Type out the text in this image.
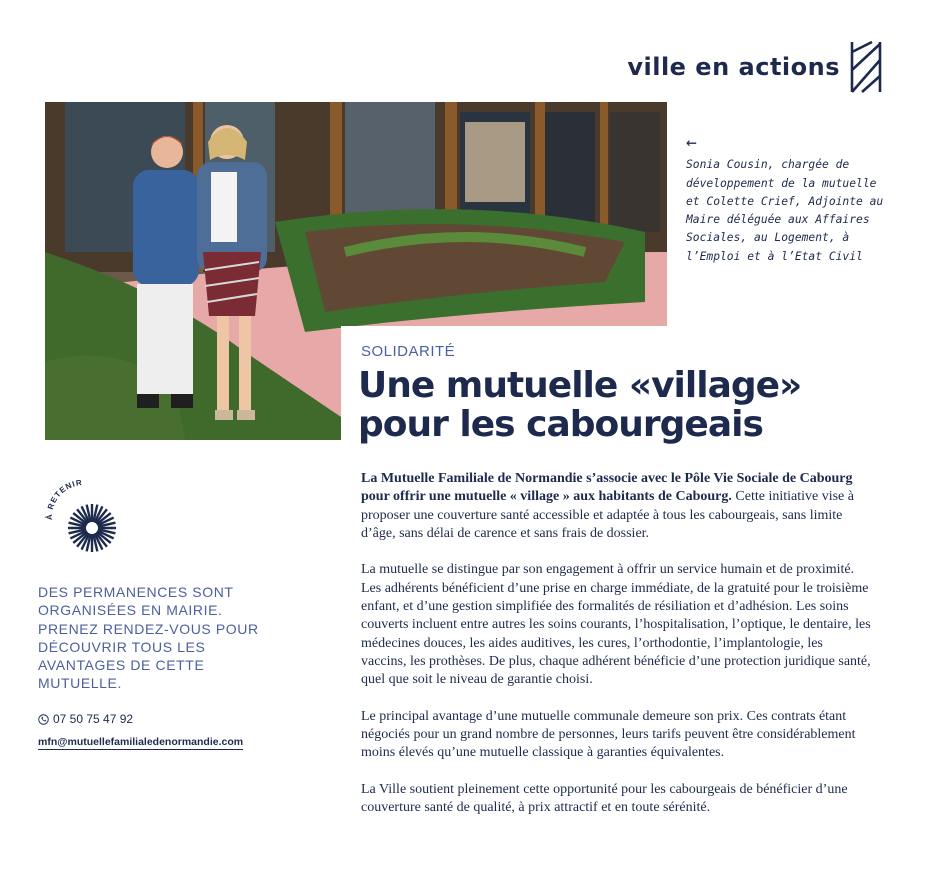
ville en actions
←
Sonia Cousin, chargée de développement de la mutuelle et Colette Crief, Adjointe au Maire déléguée aux Affaires Sociales, au Logement, à l’Emploi et à l’Etat Civil
SOLIDARITÉ
Une mutuelle «village»
pour les cabourgeais

La Mutuelle Familiale de Normandie s’associe avec le Pôle Vie Sociale de Cabourg pour offrir une mutuelle « village » aux habitants de Cabourg. Cette initiative vise à proposer une couverture santé accessible et adaptée à tous les cabourgeais, sans limite d’âge, sans délai de carence et sans frais de dossier.

La mutuelle se distingue par son engagement à offrir un service humain et de proximité. Les adhérents bénéficient d’une prise en charge immédiate, de la gratuité pour le troisième enfant, et d’une gestion simplifiée des formalités de résiliation et d’adhésion. Les soins couverts incluent entre autres les soins courants, l’hospitalisation, l’optique, le dentaire, les médecines douces, les aides auditives, les cures, l’orthodontie, l’implantologie, les vaccins, les prothèses. De plus, chaque adhérent bénéficie d’une protection juridique santé, quel que soit le niveau de garantie choisi.

Le principal avantage d’une mutuelle communale demeure son prix. Ces contrats étant négociés pour un grand nombre de personnes, leurs tarifs peuvent être considérablement moins élevés qu’une mutuelle classique à garanties équivalentes.

La Ville soutient pleinement cette opportunité pour les cabourgeais de bénéficier d’une couverture santé de qualité, à prix attractif et en toute sérénité.

À RETENIR
DES PERMANENCES SONT ORGANISÉES EN MAIRIE. PRENEZ RENDEZ-VOUS POUR DÉCOUVRIR TOUS LES AVANTAGES DE CETTE MUTUELLE.
07 50 75 47 92
mfn@mutuellefamilialedenormandie.com
